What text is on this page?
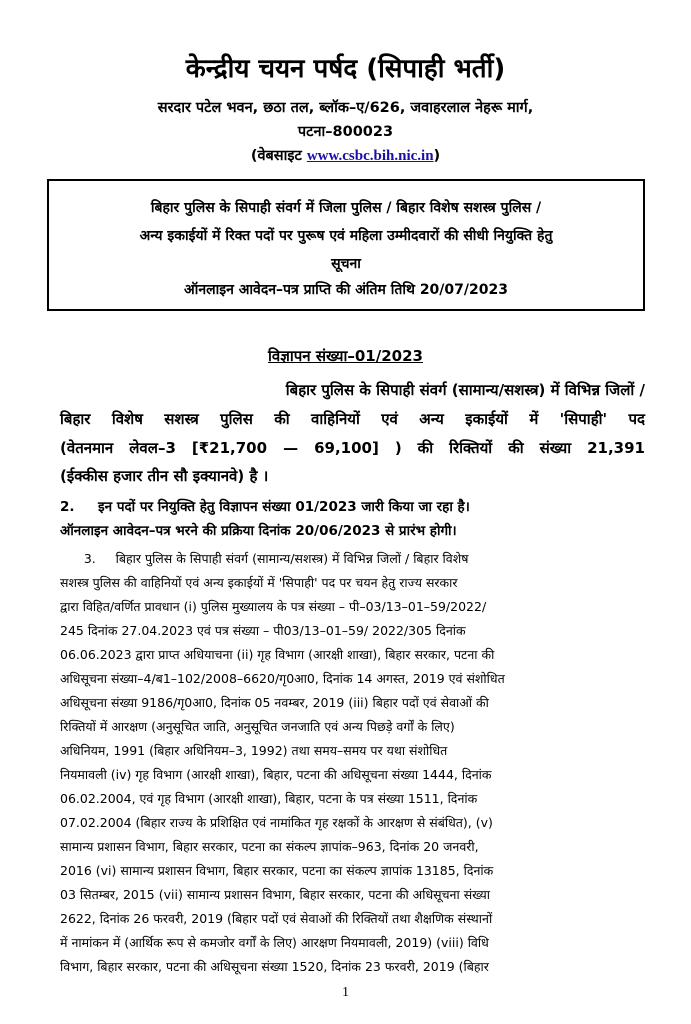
केन्द्रीय चयन पर्षद (सिपाही भर्ती)
सरदार पटेल भवन, छठा तल, ब्लॉक–ए/626, जवाहरलाल नेहरू मार्ग,
पटना–800023
(वेबसाइट www.csbc.bih.nic.in)
बिहार पुलिस के सिपाही संवर्ग में जिला पुलिस / बिहार विशेष सशस्त्र पुलिस /
अन्य इकाईयों में रिक्त पदों पर पुरूष एवं महिला उम्मीदवारों की सीधी नियुक्ति हेतु
सूचना
ऑनलाइन आवेदन–पत्र प्राप्ति की अंतिम तिथि 20/07/2023
विज्ञापन संख्या–01/2023
बिहार पुलिस के सिपाही संवर्ग (सामान्य/सशस्त्र) में विभिन्न जिलों /
बिहार विशेष सशस्त्र पुलिस की वाहिनियों एवं अन्य इकाईयों में 'सिपाही' पद
(वेतनमान लेवल–3 [₹21,700 — 69,100] ) की रिक्तियों की संख्या 21,391
(ईक्कीस हजार तीन सौ इक्यानवे) है ।
2.     इन पदों पर नियुक्ति हेतु विज्ञापन संख्या 01/2023 जारी किया जा रहा है।
ऑनलाइन आवेदन–पत्र भरने की प्रक्रिया दिनांक 20/06/2023 से प्रारंभ होगी।
3.     बिहार पुलिस के सिपाही संवर्ग (सामान्य/सशस्त्र) में विभिन्न जिलों / बिहार विशेष
सशस्त्र पुलिस की वाहिनियों एवं अन्य इकाईयों में 'सिपाही' पद पर चयन हेतु राज्य सरकार
द्वारा विहित/वर्णित प्रावधान (i) पुलिस मुख्यालय के पत्र संख्या – पी–03/13–01–59/2022/
245 दिनांक 27.04.2023 एवं पत्र संख्या – पी03/13–01–59/ 2022/305 दिनांक
06.06.2023 द्वारा प्राप्त अधियाचना (ii) गृह विभाग (आरक्षी शाखा), बिहार सरकार, पटना की
अधिसूचना संख्या–4/ब1–102/2008–6620/गृ0आ0, दिनांक 14 अगस्त, 2019 एवं संशोधित
अधिसूचना संख्या 9186/गृ0आ0, दिनांक 05 नवम्बर, 2019 (iii) बिहार पदों एवं सेवाओं की
रिक्तियों में आरक्षण (अनुसूचित जाति, अनुसूचित जनजाति एवं अन्य पिछड़े वर्गों के लिए)
अधिनियम, 1991 (बिहार अधिनियम–3, 1992) तथा समय–समय पर यथा संशोधित
नियमावली (iv) गृह विभाग (आरक्षी शाखा), बिहार, पटना की अधिसूचना संख्या 1444, दिनांक
06.02.2004, एवं गृह विभाग (आरक्षी शाखा), बिहार, पटना के पत्र संख्या 1511, दिनांक
07.02.2004 (बिहार राज्य के प्रशिक्षित एवं नामांकित गृह रक्षकों के आरक्षण से संबंधित), (v)
सामान्य प्रशासन विभाग, बिहार सरकार, पटना का संकल्प ज्ञापांक–963, दिनांक 20 जनवरी,
2016 (vi) सामान्य प्रशासन विभाग, बिहार सरकार, पटना का संकल्प ज्ञापांक 13185, दिनांक
03 सितम्बर, 2015 (vii) सामान्य प्रशासन विभाग, बिहार सरकार, पटना की अधिसूचना संख्या
2622, दिनांक 26 फरवरी, 2019 (बिहार पदों एवं सेवाओं की रिक्तियों तथा शैक्षणिक संस्थानों
में नामांकन में (आर्थिक रूप से कमजोर वर्गों के लिए) आरक्षण नियमावली, 2019) (viii) विधि
विभाग, बिहार सरकार, पटना की अधिसूचना संख्या 1520, दिनांक 23 फरवरी, 2019 (बिहार
1
